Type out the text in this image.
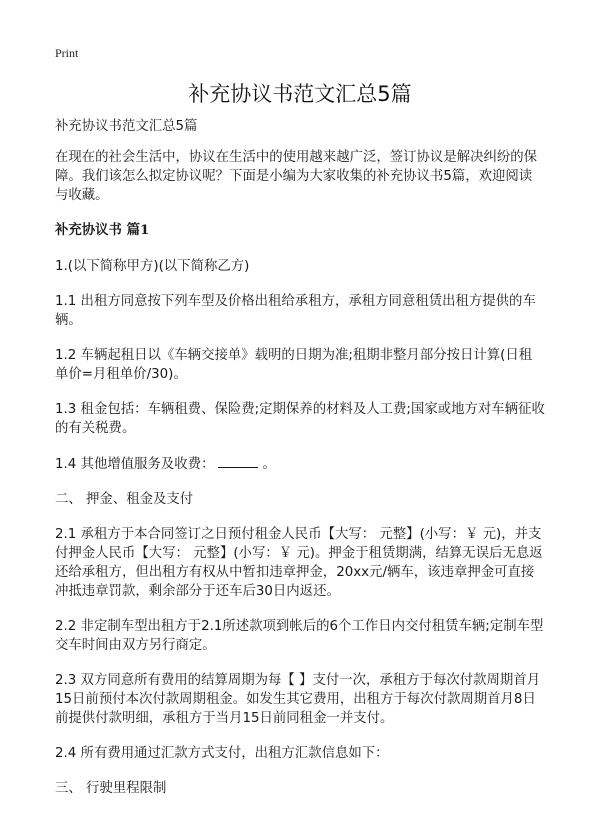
Print
补充协议书范文汇总5篇

补充协议书范文汇总5篇

在现在的社会生活中，协议在生活中的使用越来越广泛，签订协议是解决纠纷的保障。我们该怎么拟定协议呢？下面是小编为大家收集的补充协议书5篇，欢迎阅读与收藏。

补充协议书 篇1

1.(以下简称甲方)(以下简称乙方)

1.1 出租方同意按下列车型及价格出租给承租方，承租方同意租赁出租方提供的车辆。

1.2 车辆起租日以《车辆交接单》载明的日期为准;租期非整月部分按日计算(日租单价=月租单价/30)。

1.3 租金包括：车辆租费、保险费;定期保养的材料及人工费;国家或地方对车辆征收的有关税费。

1.4 其他增值服务及收费：	。

二、 押金、租金及支付

2.1 承租方于本合同签订之日预付租金人民币【大写： 元整】(小写：￥ 元)，并支付押金人民币【大写： 元整】(小写：￥ 元)。押金于租赁期满，结算无误后无息返还给承租方，但出租方有权从中暂扣违章押金，20xx元/辆车，该违章押金可直接冲抵违章罚款，剩余部分于还车后30日内返还。

2.2 非定制车型出租方于2.1所述款项到帐后的6个工作日内交付租赁车辆;定制车型交车时间由双方另行商定。

2.3 双方同意所有费用的结算周期为每【 】支付一次，承租方于每次付款周期首月15日前预付本次付款周期租金。如发生其它费用，出租方于每次付款周期首月8日前提供付款明细，承租方于当月15日前同租金一并支付。

2.4 所有费用通过汇款方式支付，出租方汇款信息如下：

三、 行驶里程限制
